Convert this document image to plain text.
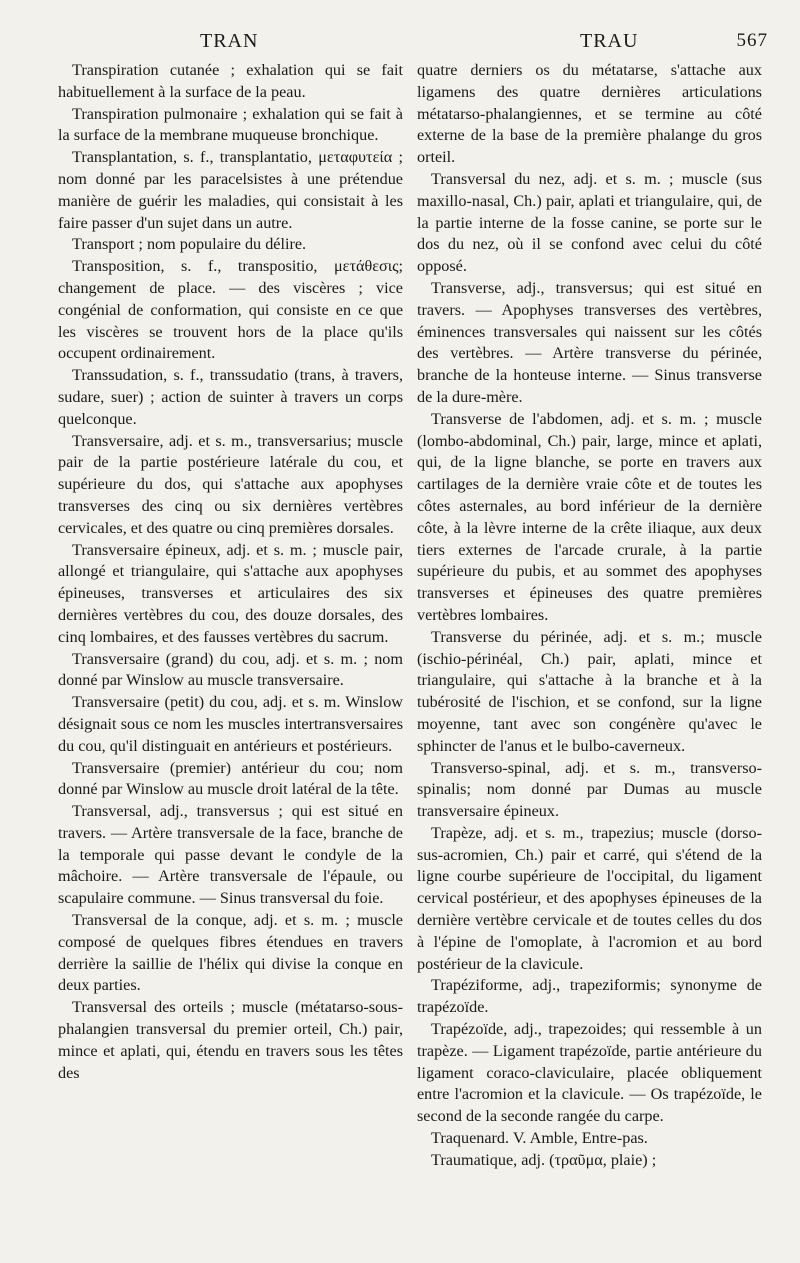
TRAN	TRAU	567

Transpiration cutanée ; exhalation qui se fait habituellement à la surface de la peau.

Transpiration pulmonaire ; exhalation qui se fait à la surface de la membrane muqueuse bronchique.

Transplantation, s. f., transplantatio, μεταφυτεία ; nom donné par les paracelsistes à une prétendue manière de guérir les maladies, qui consistait à les faire passer d'un sujet dans un autre.

Transport ; nom populaire du délire.

Transposition, s. f., transpositio, μετάθεσις; changement de place. — des viscères ; vice congénial de conformation, qui consiste en ce que les viscères se trouvent hors de la place qu'ils occupent ordinairement.

Transsudation, s. f., transsudatio (trans, à travers, sudare, suer) ; action de suinter à travers un corps quelconque.

Transversaire, adj. et s. m., transversarius; muscle pair de la partie postérieure latérale du cou, et supérieure du dos, qui s'attache aux apophyses transverses des cinq ou six dernières vertèbres cervicales, et des quatre ou cinq premières dorsales.

Transversaire épineux, adj. et s. m. ; muscle pair, allongé et triangulaire, qui s'attache aux apophyses épineuses, transverses et articulaires des six dernières vertèbres du cou, des douze dorsales, des cinq lombaires, et des fausses vertèbres du sacrum.

Transversaire (grand) du cou, adj. et s. m. ; nom donné par Winslow au muscle transversaire.

Transversaire (petit) du cou, adj. et s. m. Winslow désignait sous ce nom les muscles intertransversaires du cou, qu'il distinguait en antérieurs et postérieurs.

Transversaire (premier) antérieur du cou; nom donné par Winslow au muscle droit latéral de la tête.

Transversal, adj., transversus ; qui est situé en travers. — Artère transversale de la face, branche de la temporale qui passe devant le condyle de la mâchoire. — Artère transversale de l'épaule, ou scapulaire commune. — Sinus transversal du foie.

Transversal de la conque, adj. et s. m. ; muscle composé de quelques fibres étendues en travers derrière la saillie de l'hélix qui divise la conque en deux parties.

Transversal des orteils ; muscle (métatarso-sous-phalangien transversal du premier orteil, Ch.) pair, mince et aplati, qui, étendu en travers sous les têtes des

quatre derniers os du métatarse, s'attache aux ligamens des quatre dernières articulations métatarso-phalangiennes, et se termine au côté externe de la base de la première phalange du gros orteil.

Transversal du nez, adj. et s. m. ; muscle (sus maxillo-nasal, Ch.) pair, aplati et triangulaire, qui, de la partie interne de la fosse canine, se porte sur le dos du nez, où il se confond avec celui du côté opposé.

Transverse, adj., transversus; qui est situé en travers. — Apophyses transverses des vertèbres, éminences transversales qui naissent sur les côtés des vertèbres. — Artère transverse du périnée, branche de la honteuse interne. — Sinus transverse de la dure-mère.

Transverse de l'abdomen, adj. et s. m. ; muscle (lombo-abdominal, Ch.) pair, large, mince et aplati, qui, de la ligne blanche, se porte en travers aux cartilages de la dernière vraie côte et de toutes les côtes asternales, au bord inférieur de la dernière côte, à la lèvre interne de la crête iliaque, aux deux tiers externes de l'arcade crurale, à la partie supérieure du pubis, et au sommet des apophyses transverses et épineuses des quatre premières vertèbres lombaires.

Transverse du périnée, adj. et s. m.; muscle (ischio-périnéal, Ch.) pair, aplati, mince et triangulaire, qui s'attache à la branche et à la tubérosité de l'ischion, et se confond, sur la ligne moyenne, tant avec son congénère qu'avec le sphincter de l'anus et le bulbo-caverneux.

Transverso-spinal, adj. et s. m., transverso-spinalis; nom donné par Dumas au muscle transversaire épineux.

Trapèze, adj. et s. m., trapezius; muscle (dorso-sus-acromien, Ch.) pair et carré, qui s'étend de la ligne courbe supérieure de l'occipital, du ligament cervical postérieur, et des apophyses épineuses de la dernière vertèbre cervicale et de toutes celles du dos à l'épine de l'omoplate, à l'acromion et au bord postérieur de la clavicule.

Trapéziforme, adj., trapeziformis; synonyme de trapézoïde.

Trapézoïde, adj., trapezoides; qui ressemble à un trapèze. — Ligament trapézoïde, partie antérieure du ligament coraco-claviculaire, placée obliquement entre l'acromion et la clavicule. — Os trapézoïde, le second de la seconde rangée du carpe.

Traquenard. V. Amble, Entre-pas.

Traumatique, adj. (τραῦμα, plaie) ;
